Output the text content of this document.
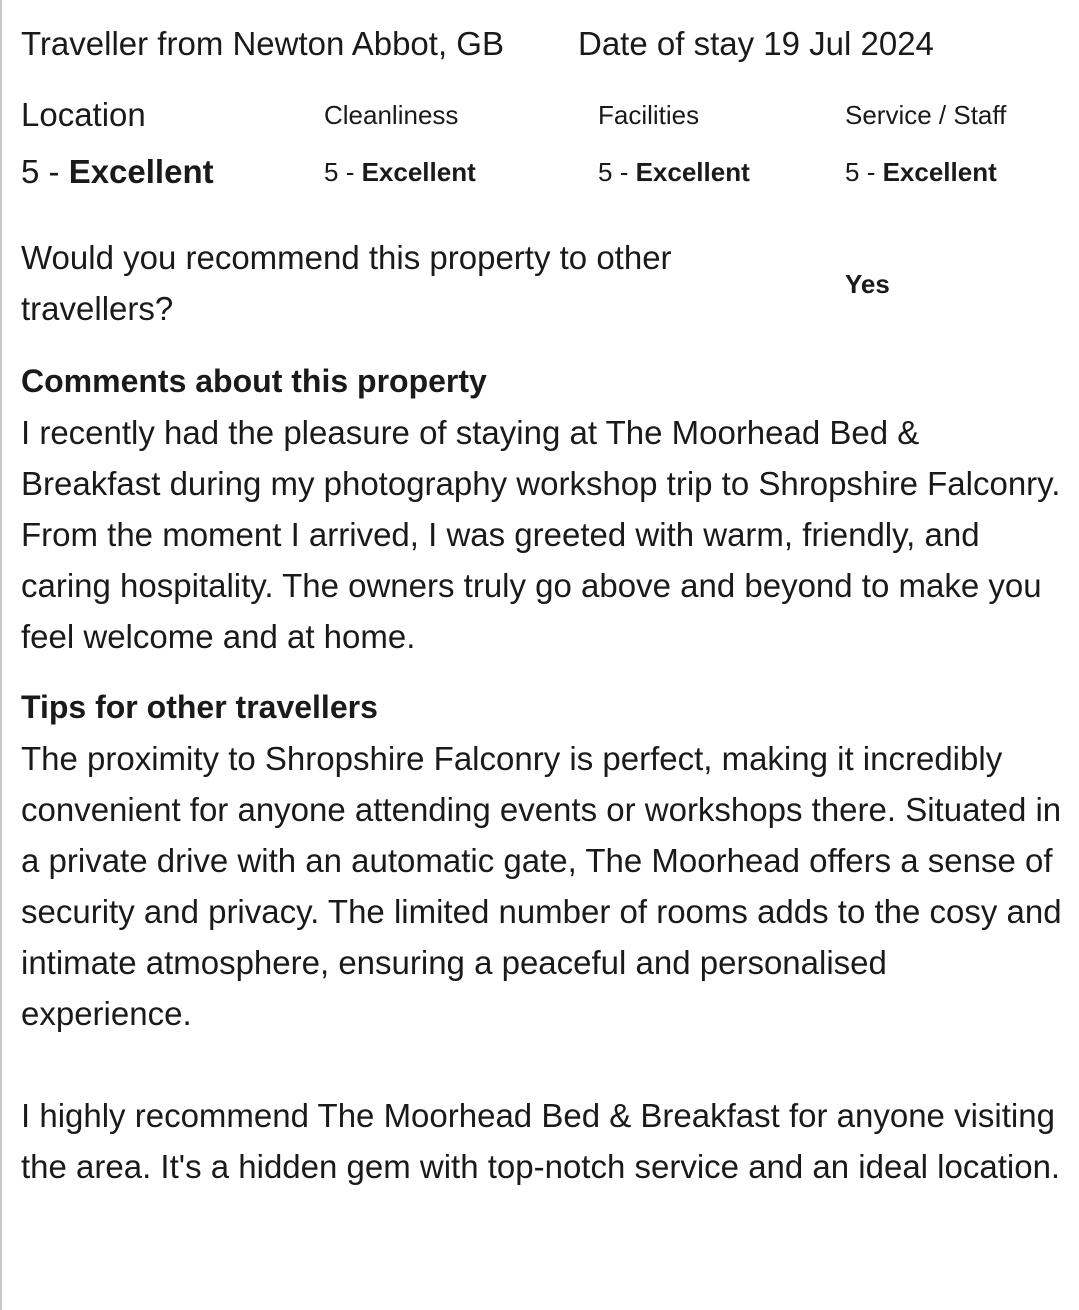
Traveller from Newton Abbot, GB Date of stay 19 Jul 2024
Location
5 - Excellent
Cleanliness
5 - Excellent
Facilities
5 - Excellent
Service / Staff
5 - Excellent
Would you recommend this property to other travellers?
Yes
Comments about this property

I recently had the pleasure of staying at The Moorhead Bed & Breakfast during my photography workshop trip to Shropshire Falconry. From the moment I arrived, I was greeted with warm, friendly, and caring hospitality. The owners truly go above and beyond to make you feel welcome and at home.

Tips for other travellers

The proximity to Shropshire Falconry is perfect, making it incredibly convenient for anyone attending events or workshops there. Situated in a private drive with an automatic gate, The Moorhead offers a sense of security and privacy. The limited number of rooms adds to the cosy and intimate atmosphere, ensuring a peaceful and personalised experience.

I highly recommend The Moorhead Bed & Breakfast for anyone visiting the area. It's a hidden gem with top-notch service and an ideal location.
